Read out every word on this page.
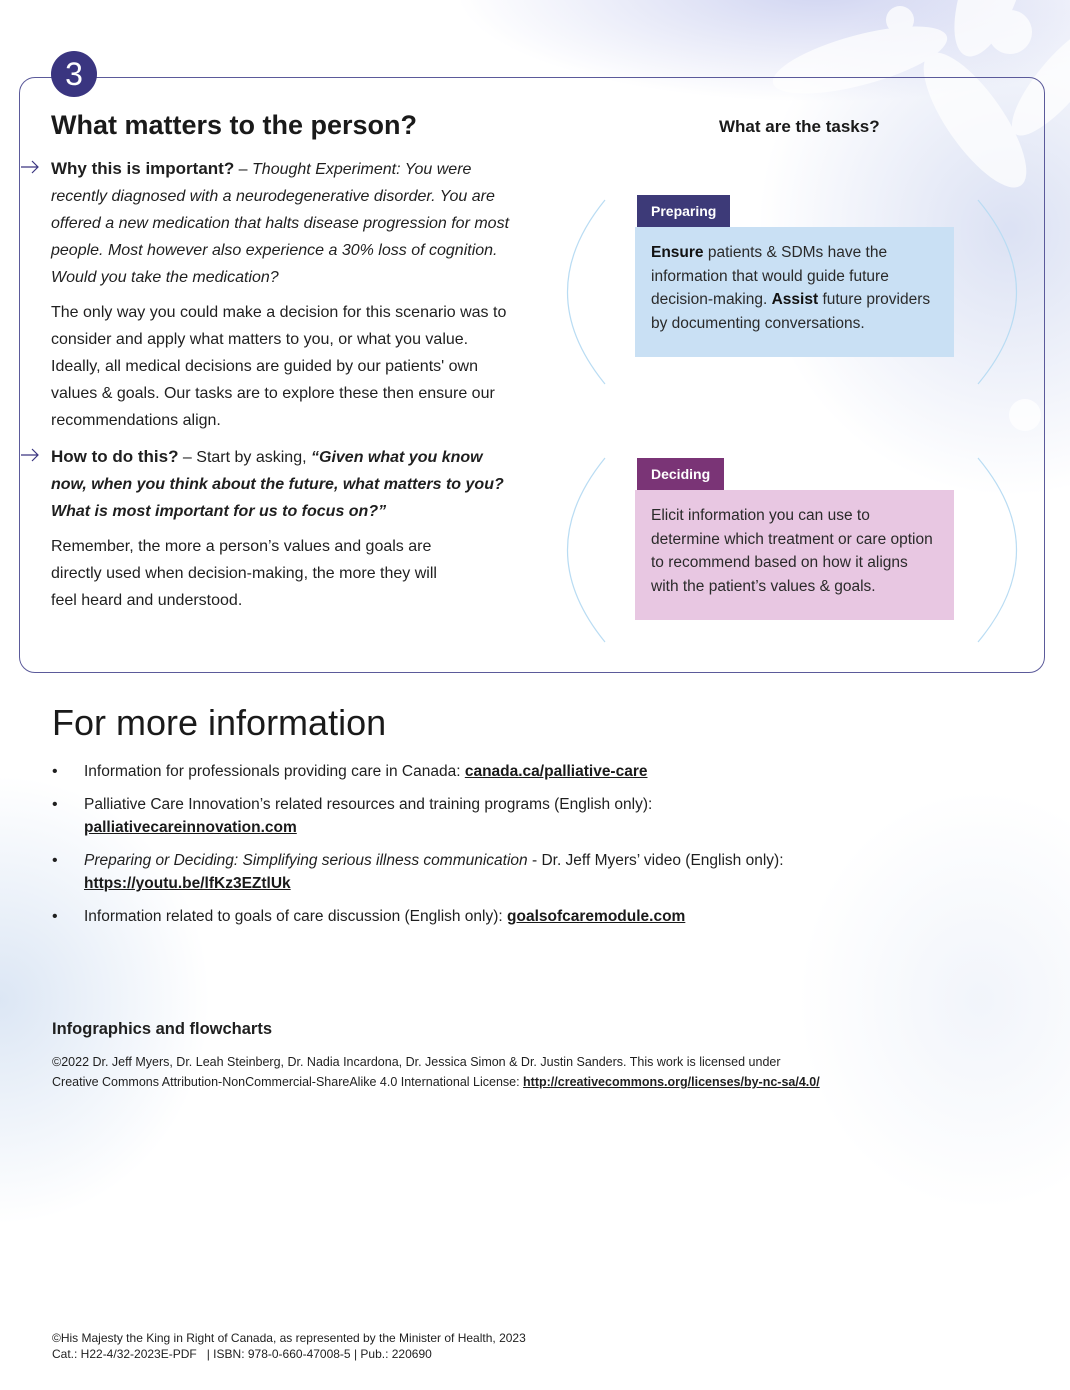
3
What matters to the person?	What are the tasks?

Why this is important? – Thought Experiment: You were recently diagnosed with a neurodegenerative disorder. You are offered a new medication that halts disease progression for most people. Most however also experience a 30% loss of cognition. Would you take the medication?

The only way you could make a decision for this scenario was to consider and apply what matters to you, or what you value. Ideally, all medical decisions are guided by our patients' own values & goals. Our tasks are to explore these then ensure our recommendations align.

How to do this? – Start by asking, “Given what you know now, when you think about the future, what matters to you? What is most important for us to focus on?”

Remember, the more a person’s values and goals are directly used when decision-making, the more they will feel heard and understood.

Preparing
Ensure patients & SDMs have the information that would guide future decision-making. Assist future providers by documenting conversations.
Deciding
Elicit information you can use to determine which treatment or care option to recommend based on how it aligns with the patient’s values & goals.
For more information
• Information for professionals providing care in Canada: canada.ca/palliative-care
• Palliative Care Innovation’s related resources and training programs (English only):
palliativecareinnovation.com
• Preparing or Deciding: Simplifying serious illness communication - Dr. Jeff Myers’ video (English only):
https://youtu.be/lfKz3EZtlUk
• Information related to goals of care discussion (English only): goalsofcaremodule.com
Infographics and flowcharts
©2022 Dr. Jeff Myers, Dr. Leah Steinberg, Dr. Nadia Incardona, Dr. Jessica Simon & Dr. Justin Sanders. This work is licensed under
Creative Commons Attribution-NonCommercial-ShareAlike 4.0 International License: http://creativecommons.org/licenses/by-nc-sa/4.0/
©His Majesty the King in Right of Canada, as represented by the Minister of Health, 2023
Cat.: H22-4/32-2023E-PDF   | ISBN: 978-0-660-47008-5 | Pub.: 220690
